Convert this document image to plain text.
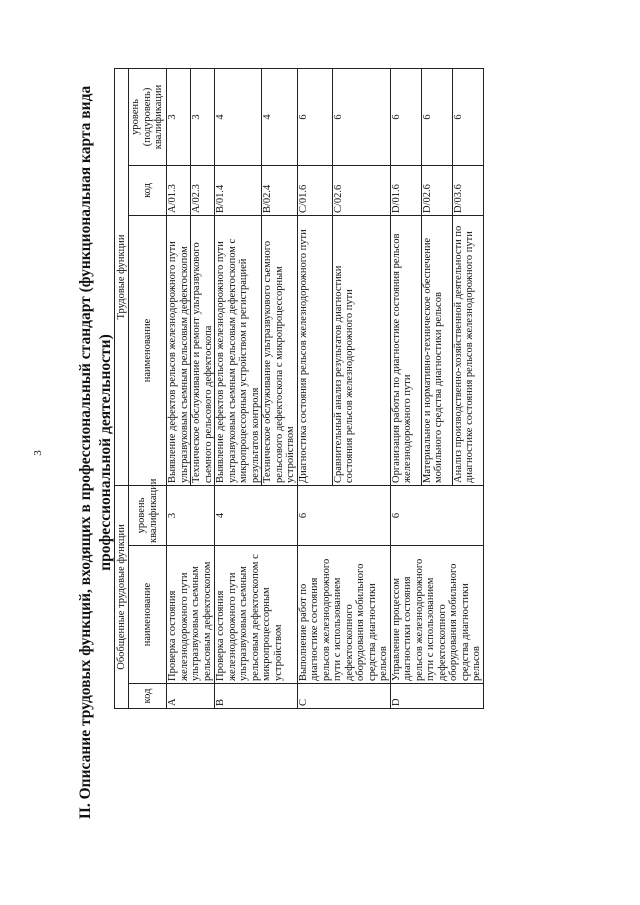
3 II. Описание трудовых функций, входящих в профессиональный стандарт (функциональная карта вида профессиональной деятельности)
Обобщенные трудовые функции			Трудовые функции		
код	наименование	уровень квалификации	наименование	код	уровень (подуровень) квалификации
A	Проверка состояния железнодорожного пути ультразвуковым съемным рельсовым дефектоскопом	3	Выявление дефектов рельсов железнодорожного пути ультразвуковым съемным рельсовым дефектоскопом	A/01.3	3
			Техническое обслуживание и ремонт ультразвукового съемного рельсового дефектоскопа	A/02.3	3
B	Проверка состояния железнодорожного пути ультразвуковым съемным рельсовым дефектоскопом с микропроцессорным устройством	4	Выявление дефектов рельсов железнодорожного пути ультразвуковым съемным рельсовым дефектоскопом с микропроцессорным устройством и регистрацией результатов контроля	B/01.4	4
			Техническое обслуживание ультразвукового съемного рельсового дефектоскопа с микропроцессорным устройством	B/02.4	4
C	Выполнение работ по диагностике состояния рельсов железнодорожного пути с использованием дефектоскопного оборудования мобильного средства диагностики рельсов	6	Диагностика состояния рельсов железнодорожного пути	C/01.6	6
			Сравнительный анализ результатов диагностики состояния рельсов железнодорожного пути	C/02.6	6
D	Управление процессом диагностики состояния рельсов железнодорожного пути с использованием дефектоскопного оборудования мобильного средства диагностики рельсов	6	Организация работы по диагностике состояния рельсов железнодорожного пути	D/01.6	6
			Материальное и нормативно-техническое обеспечение мобильного средства диагностики рельсов	D/02.6	6
			Анализ производственно-хозяйственной деятельности по диагностике состояния рельсов железнодорожного пути	D/03.6	6
